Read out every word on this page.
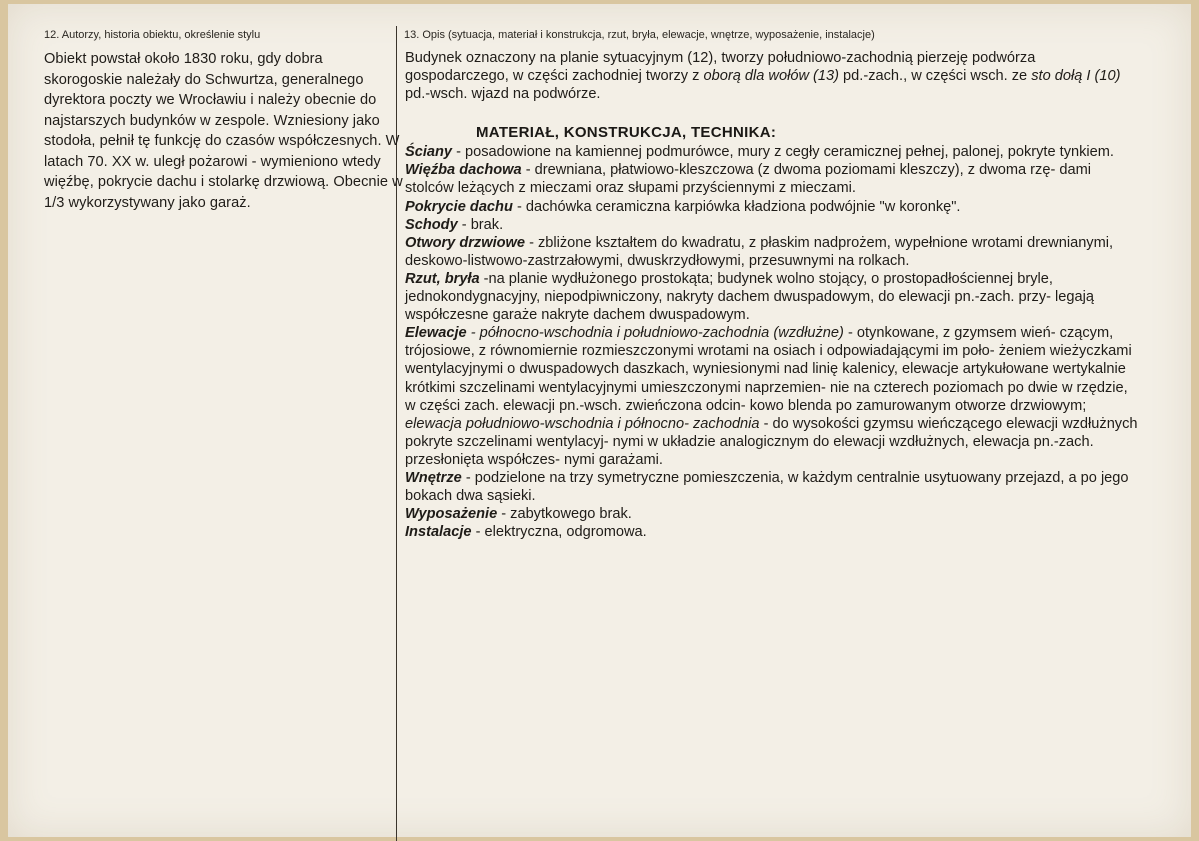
12. Autorzy, historia obiektu, określenie stylu

Obiekt powstał około 1830 roku, gdy dobra skorogoskie należały do Schwurtza, generalnego dyrektora poczty we Wrocławiu i należy obecnie do najstarszych budynków w zespole. Wzniesiony jako stodoła, pełnił tę funkcję do czasów współczesnych. W latach 70. XX w. uległ pożarowi - wymieniono wtedy więźbę, pokrycie dachu i stolarkę drzwiową. Obecnie w 1/3 wykorzystywany jako garaż.

13. Opis (sytuacja, materiał i konstrukcja, rzut, bryła, elewacje, wnętrze, wyposażenie, instalacje)

Budynek oznaczony na planie sytuacyjnym (12), tworzy południowo-zachodnią pierzeję podwórza gospodarczego, w części zachodniej tworzy z oborą dla wołów (13) pd.-zach., w części wsch. ze sto dołą I (10) pd.-wsch. wjazd na podwórze.

MATERIAŁ, KONSTRUKCJA, TECHNIKA:

Ściany - posadowione na kamiennej podmurówce, mury z cegły ceramicznej pełnej, palonej, pokryte tynkiem.

Więźba dachowa - drewniana, płatwiowo-kleszczowa (z dwoma poziomami kleszczy), z dwoma rzę- dami stolców leżących z mieczami oraz słupami przyściennymi z mieczami.

Pokrycie dachu - dachówka ceramiczna karpiówka kładziona podwójnie "w koronkę".

Schody - brak.

Otwory drzwiowe - zbliżone kształtem do kwadratu, z płaskim nadprożem, wypełnione wrotami drewnianymi, deskowo-listwowo-zastrzałowymi, dwuskrzydłowymi, przesuwnymi na rolkach.

Rzut, bryła -na planie wydłużonego prostokąta; budynek wolno stojący, o prostopadłościennej bryle, jednokondygnacyjny, niepodpiwniczony, nakryty dachem dwuspadowym, do elewacji pn.-zach. przy- legają współczesne garaże nakryte dachem dwuspadowym.

Elewacje - północno-wschodnia i południowo-zachodnia (wzdłużne) - otynkowane, z gzymsem wień- czącym, trójosiowe, z równomiernie rozmieszczonymi wrotami na osiach i odpowiadającymi im poło- żeniem wieżyczkami wentylacyjnymi o dwuspadowych daszkach, wyniesionymi nad linię kalenicy, elewacje artykułowane wertykalnie krótkimi szczelinami wentylacyjnymi umieszczonymi naprzemien- nie na czterech poziomach po dwie w rzędzie, w części zach. elewacji pn.-wsch. zwieńczona odcin- kowo blenda po zamurowanym otworze drzwiowym; elewacja południowo-wschodnia i północno- zachodnia - do wysokości gzymsu wieńczącego elewacji wzdłużnych pokryte szczelinami wentylacyj- nymi w układzie analogicznym do elewacji wzdłużnych, elewacja pn.-zach. przesłonięta współczes- nymi garażami.

Wnętrze - podzielone na trzy symetryczne pomieszczenia, w każdym centralnie usytuowany przejazd, a po jego bokach dwa sąsieki.

Wyposażenie - zabytkowego brak.

Instalacje - elektryczna, odgromowa.
